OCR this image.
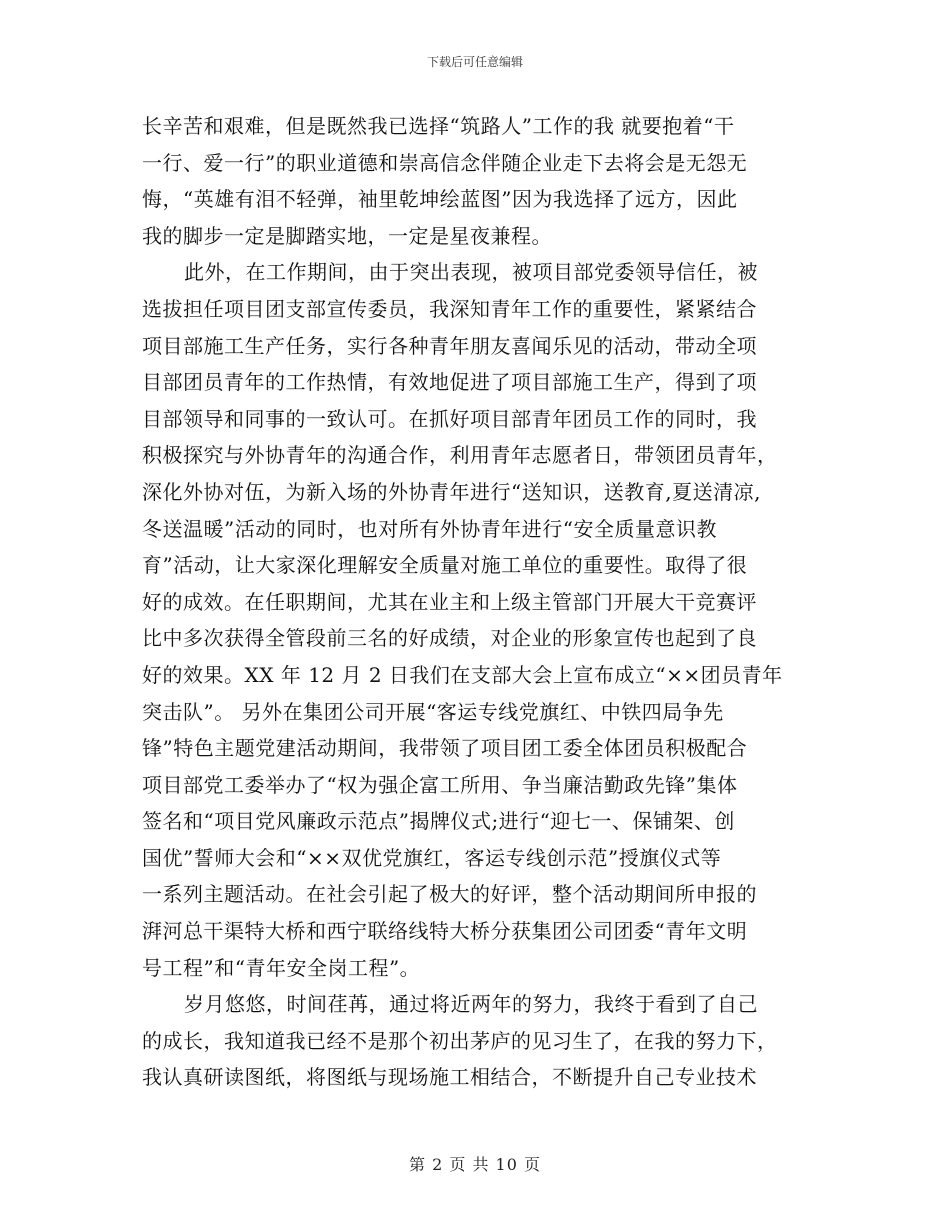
下载后可任意编辑
长辛苦和艰难，但是既然我已选择“筑路人”工作的我 就要抱着“干
一行、爱一行”的职业道德和崇高信念伴随企业走下去将会是无怨无
悔，“英雄有泪不轻弹，袖里乾坤绘蓝图”因为我选择了远方，因此
我的脚步一定是脚踏实地，一定是星夜兼程。
此外，在工作期间，由于突出表现，被项目部党委领导信任，被
选拔担任项目团支部宣传委员，我深知青年工作的重要性，紧紧结合
项目部施工生产任务，实行各种青年朋友喜闻乐见的活动，带动全项
目部团员青年的工作热情，有效地促进了项目部施工生产，得到了项
目部领导和同事的一致认可。在抓好项目部青年团员工作的同时，我
积极探究与外协青年的沟通合作，利用青年志愿者日，带领团员青年，
深化外协对伍，为新入场的外协青年进行“送知识，送教育,夏送清凉,
冬送温暖”活动的同时，也对所有外协青年进行“安全质量意识教
育”活动，让大家深化理解安全质量对施工单位的重要性。取得了很
好的成效。在任职期间，尤其在业主和上级主管部门开展大干竞赛评
比中多次获得全管段前三名的好成绩，对企业的形象宣传也起到了良
好的效果。XX 年 12 月 2 日我们在支部大会上宣布成立“××团员青年
突击队”。 另外在集团公司开展“客运专线党旗红、中铁四局争先
锋”特色主题党建活动期间，我带领了项目团工委全体团员积极配合
项目部党工委举办了“权为强企富工所用、争当廉洁勤政先锋”集体
签名和“项目党风廉政示范点”揭牌仪式;进行“迎七一、保铺架、创
国优”誓师大会和“××双优党旗红，客运专线创示范”授旗仪式等
一系列主题活动。在社会引起了极大的好评，整个活动期间所申报的
湃河总干渠特大桥和西宁联络线特大桥分获集团公司团委“青年文明
号工程”和“青年安全岗工程”。
岁月悠悠，时间荏苒，通过将近两年的努力，我终于看到了自己
的成长，我知道我已经不是那个初出茅庐的见习生了，在我的努力下，
我认真研读图纸，将图纸与现场施工相结合，不断提升自己专业技术
第 2 页 共 10 页
